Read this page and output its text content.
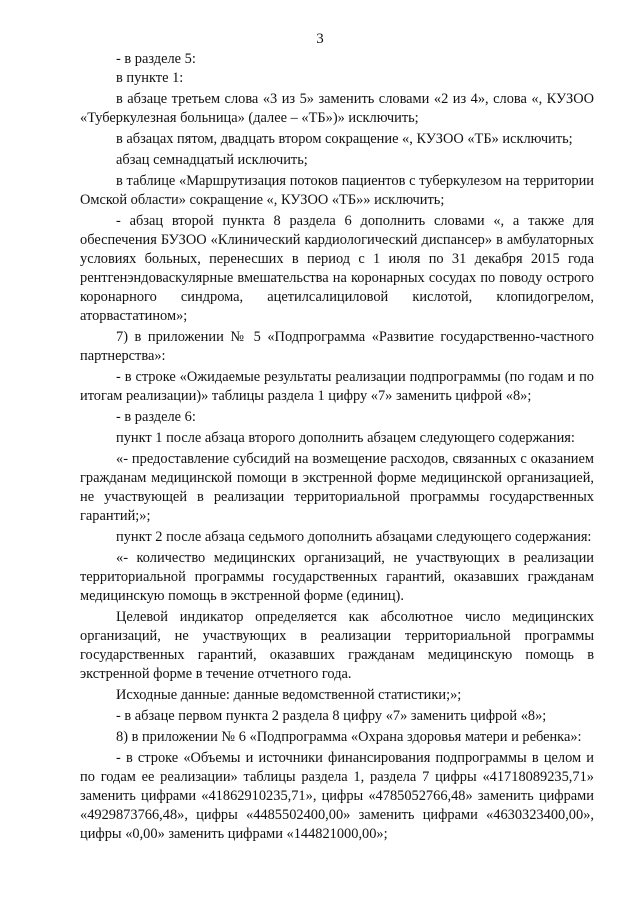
3

- в разделе 5:

в пункте 1:

в абзаце третьем слова «3 из 5» заменить словами «2 из 4», слова «, КУЗОО «Туберкулезная больница» (далее – «ТБ»)» исключить;

в абзацах пятом, двадцать втором сокращение «, КУЗОО «ТБ» исключить;

абзац семнадцатый исключить;

в таблице «Маршрутизация потоков пациентов с туберкулезом на территории Омской области» сокращение «, КУЗОО «ТБ»» исключить;

- абзац второй пункта 8 раздела 6 дополнить словами «, а также для обеспечения БУЗОО «Клинический кардиологический диспансер» в амбулаторных условиях больных, перенесших в период с 1 июля по 31 декабря 2015 года рентгенэндоваскулярные вмешательства на коронарных сосудах по поводу острого коронарного синдрома, ацетилсалициловой кислотой, клопидогрелом, аторвастатином»;

7) в приложении № 5 «Подпрограмма «Развитие государственно-частного партнерства»:

- в строке «Ожидаемые результаты реализации подпрограммы (по годам и по итогам реализации)» таблицы раздела 1 цифру «7» заменить цифрой «8»;

- в разделе 6:

пункт 1 после абзаца второго дополнить абзацем следующего содержания:

«- предоставление субсидий на возмещение расходов, связанных с оказанием гражданам медицинской помощи в экстренной форме медицинской организацией, не участвующей в реализации территориальной программы государственных гарантий;»;

пункт 2 после абзаца седьмого дополнить абзацами следующего содержания:

«- количество медицинских организаций, не участвующих в реализации территориальной программы государственных гарантий, оказавших гражданам медицинскую помощь в экстренной форме (единиц).

Целевой индикатор определяется как абсолютное число медицинских организаций, не участвующих в реализации территориальной программы государственных гарантий, оказавших гражданам медицинскую помощь в экстренной форме в течение отчетного года.

Исходные данные: данные ведомственной статистики;»;

- в абзаце первом пункта 2 раздела 8 цифру «7» заменить цифрой «8»;

8) в приложении № 6 «Подпрограмма «Охрана здоровья матери и ребенка»:

- в строке «Объемы и источники финансирования подпрограммы в целом и по годам ее реализации» таблицы раздела 1, раздела 7 цифры «41718089235,71» заменить цифрами «41862910235,71», цифры «4785052766,48» заменить цифрами «4929873766,48», цифры «4485502400,00» заменить цифрами «4630323400,00», цифры «0,00» заменить цифрами «144821000,00»;
